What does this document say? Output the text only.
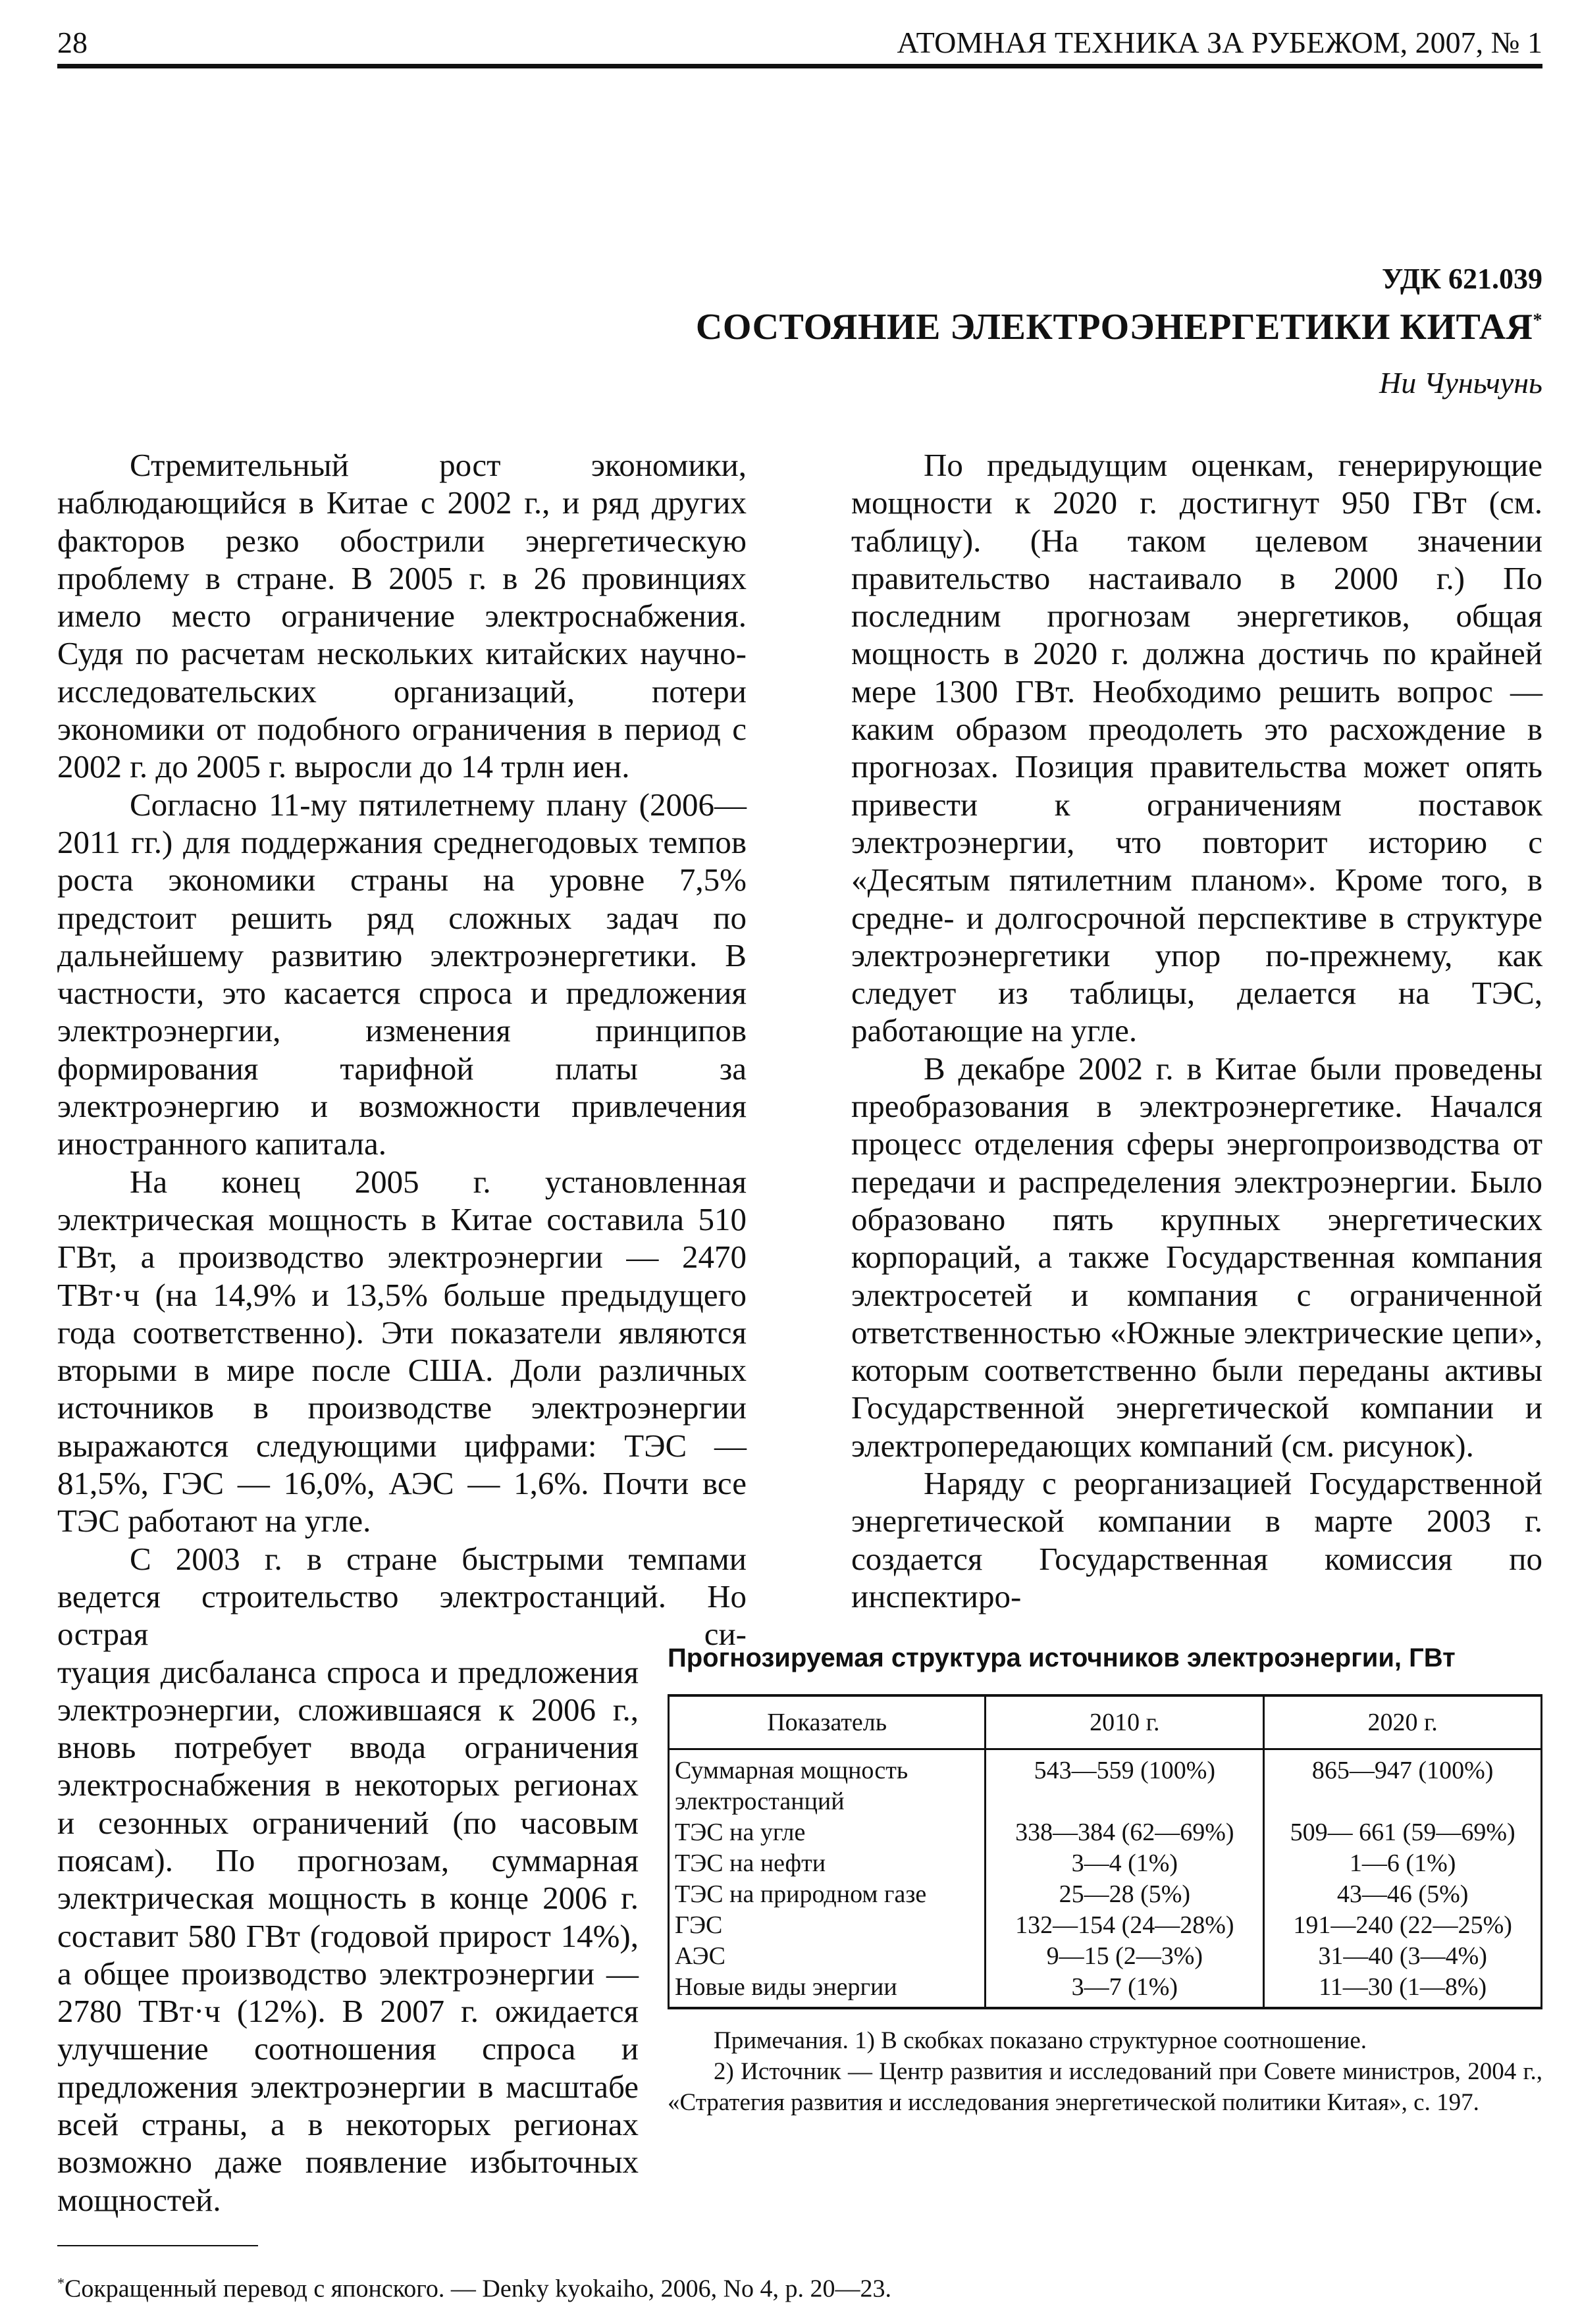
28	АТОМНАЯ ТЕХНИКА ЗА РУБЕЖОМ, 2007, № 1
УДК 621.039
СОСТОЯНИЕ ЭЛЕКТРОЭНЕРГЕТИКИ КИТАЯ*
Ни Чуньчунь

Стремительный рост экономики, наблюдающийся в Китае с 2002 г., и ряд других факторов резко обострили энергетическую проблему в стране. В 2005 г. в 26 провинциях имело место ограничение электроснабжения. Судя по расчетам нескольких китайских научно-исследовательских организаций, потери экономики от подобного ограничения в период с 2002 г. до 2005 г. выросли до 14 трлн иен.

Согласно 11-му пятилетнему плану (2006—2011 гг.) для поддержания среднегодовых темпов роста экономики страны на уровне 7,5% предстоит решить ряд сложных задач по дальнейшему развитию электроэнергетики. В частности, это касается спроса и предложения электроэнергии, изменения принципов формирования тарифной платы за электроэнергию и возможности привлечения иностранного капитала.

На конец 2005 г. установленная электрическая мощность в Китае составила 510 ГВт, а производство электроэнергии — 2470 ТВт·ч (на 14,9% и 13,5% больше предыдущего года соответственно). Эти показатели являются вторыми в мире после США. Доли различных источников в производстве электроэнергии выражаются следующими цифрами: ТЭС — 81,5%, ГЭС — 16,0%, АЭС — 1,6%. Почти все ТЭС работают на угле.

С 2003 г. в стране быстрыми темпами ведется строительство электростанций. Но острая си-

туация дисбаланса спроса и предложения электроэнергии, сложившаяся к 2006 г., вновь потребует ввода ограничения электроснабжения в некоторых регионах и сезонных ограничений (по часовым поясам). По прогнозам, суммарная электрическая мощность в конце 2006 г. составит 580 ГВт (годовой прирост 14%), а общее производство электроэнергии — 2780 ТВт·ч (12%). В 2007 г. ожидается улучшение соотношения спроса и предложения электроэнергии в масштабе всей страны, а в некоторых регионах возможно даже появление избыточных мощностей.

По предыдущим оценкам, генерирующие мощности к 2020 г. достигнут 950 ГВт (см. таблицу). (На таком целевом значении правительство настаивало в 2000 г.) По последним прогнозам энергетиков, общая мощность в 2020 г. должна достичь по крайней мере 1300 ГВт. Необходимо решить вопрос — каким образом преодолеть это расхождение в прогнозах. Позиция правительства может опять привести к ограничениям поставок электроэнергии, что повторит историю с «Десятым пятилетним планом». Кроме того, в средне- и долгосрочной перспективе в структуре электроэнергетики упор по-прежнему, как следует из таблицы, делается на ТЭС, работающие на угле.

В декабре 2002 г. в Китае были проведены преобразования в электроэнергетике. Начался процесс отделения сферы энергопроизводства от передачи и распределения электроэнергии. Было образовано пять крупных энергетических корпораций, а также Государственная компания электросетей и компания с ограниченной ответственностью «Южные электрические цепи», которым соответственно были переданы активы Государственной энергетической компании и электропередающих компаний (см. рисунок).

Наряду с реорганизацией Государственной энергетической компании в марте 2003 г. создается Государственная комиссия по инспектиро-

Прогнозируемая структура источников электроэнергии, ГВт
Показатель	2010 г.	2020 г.
Суммарная мощность электростанций	543—559 (100%)	865—947 (100%)
ТЭС на угле	338—384 (62—69%)	509— 661 (59—69%)
ТЭС на нефти	3—4 (1%)	1—6 (1%)
ТЭС на природном газе	25—28 (5%)	43—46 (5%)
ГЭС	132—154 (24—28%)	191—240 (22—25%)
АЭС	9—15 (2—3%)	31—40 (3—4%)
Новые виды энергии	3—7 (1%)	11—30 (1—8%)

Примечания. 1) В скобках показано структурное соотношение.

2) Источник — Центр развития и исследований при Совете министров, 2004 г., «Стратегия развития и исследования энергетической политики Китая», с. 197.

*Сокращенный перевод с японского. — Denky kyokaiho, 2006, No 4, p. 20—23.
